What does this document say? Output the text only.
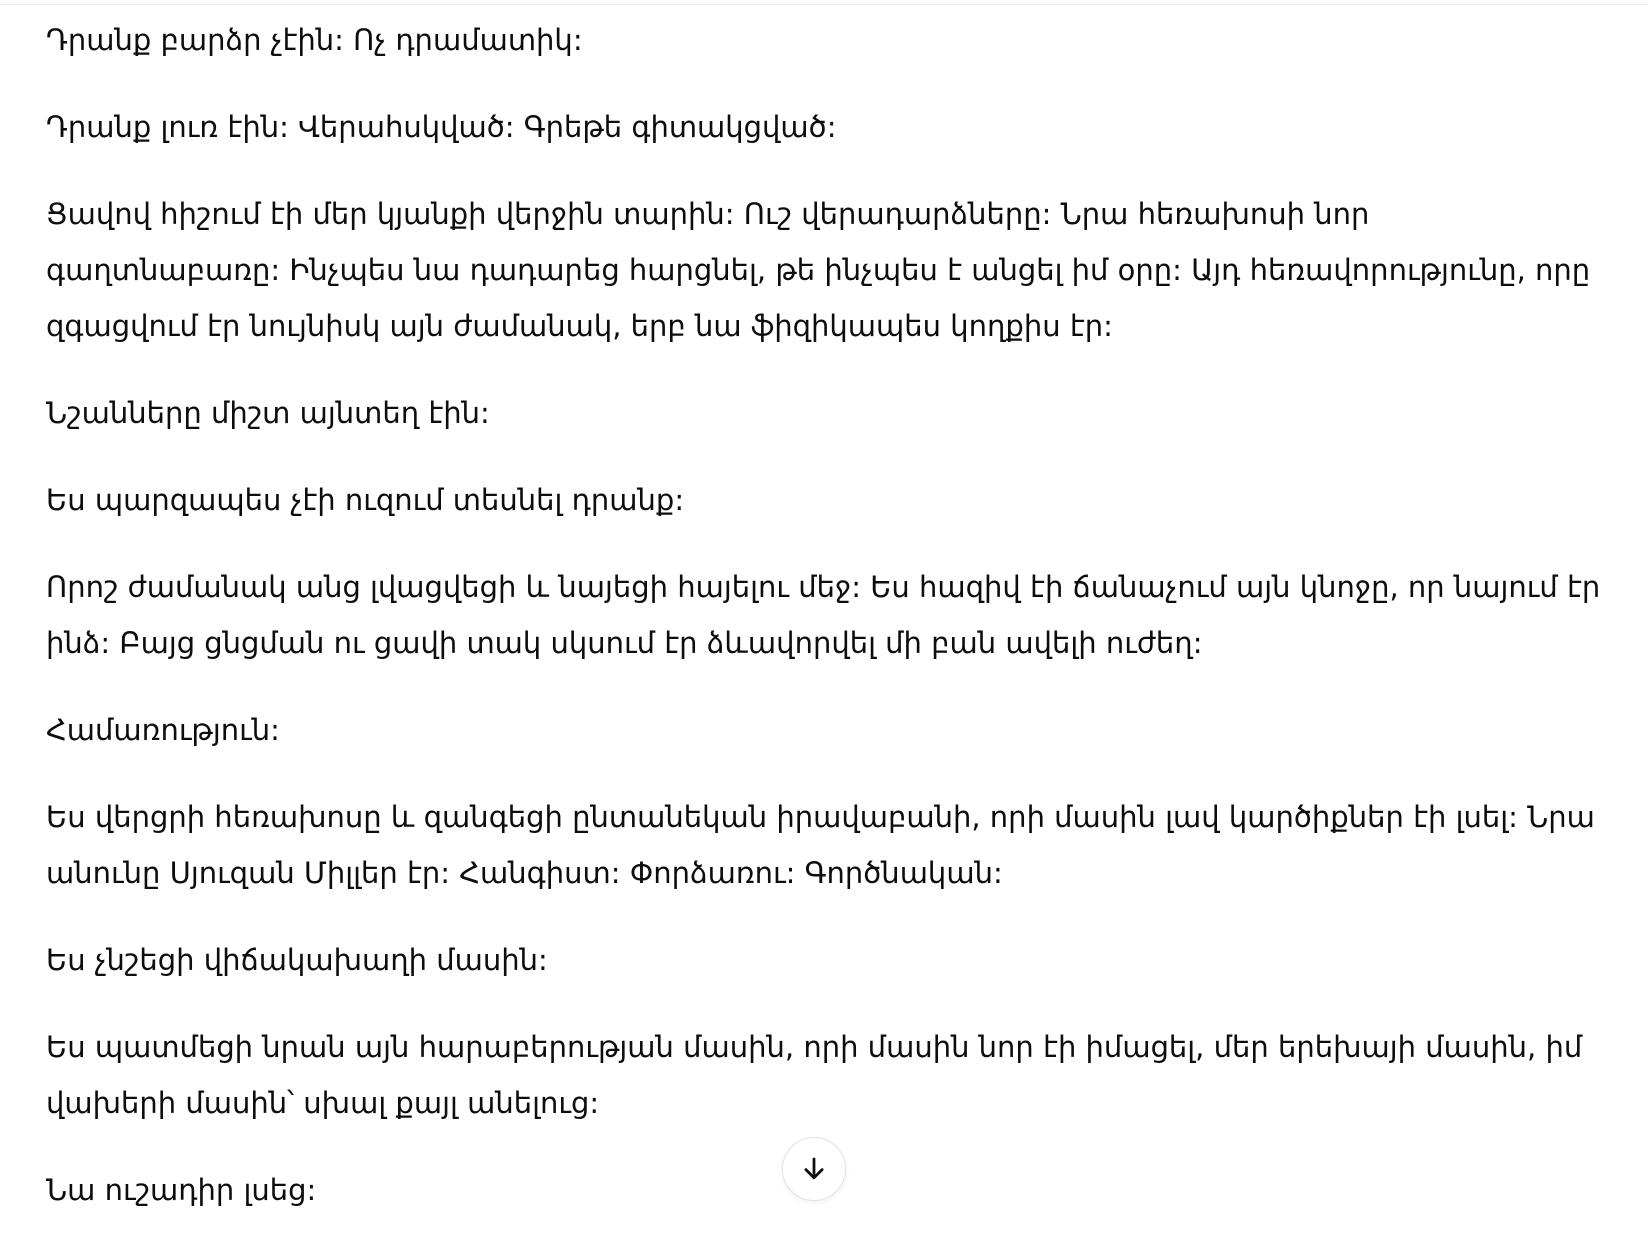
Դրանք բարձր չէին: Ոչ դրամատիկ:

Դրանք լուռ էին: Վերահսկված: Գրեթե գիտակցված:

Ցավով հիշում էի մեր կյանքի վերջին տարին: Ուշ վերադարձները: Նրա հեռախոսի նոր գաղտնաբառը: Ինչպես նա դադարեց հարցնել, թե ինչպես է անցել իմ օրը: Այդ հեռավորությունը, որը զգացվում էր նույնիսկ այն ժամանակ, երբ նա ֆիզիկապես կողքիս էր:

Նշանները միշտ այնտեղ էին:

Ես պարզապես չէի ուզում տեսնել դրանք:

Որոշ ժամանակ անց լվացվեցի և նայեցի հայելու մեջ: Ես հազիվ էի ճանաչում այն կնոջը, որ նայում էր ինձ: Բայց ցնցման ու ցավի տակ սկսում էր ձևավորվել մի բան ավելի ուժեղ:

Համառություն:

Ես վերցրի հեռախոսը և զանգեցի ընտանեկան իրավաբանի, որի մասին լավ կարծիքներ էի լսել: Նրա անունը Սյուզան Միլլեր էր: Հանգիստ: Փորձառու: Գործնական:

Ես չնշեցի վիճակախաղի մասին:

Ես պատմեցի նրան այն հարաբերության մասին, որի մասին նոր էի իմացել, մեր երեխայի մասին, իմ վախերի մասին՝ սխալ քայլ անելուց:

Նա ուշադիր լսեց:
